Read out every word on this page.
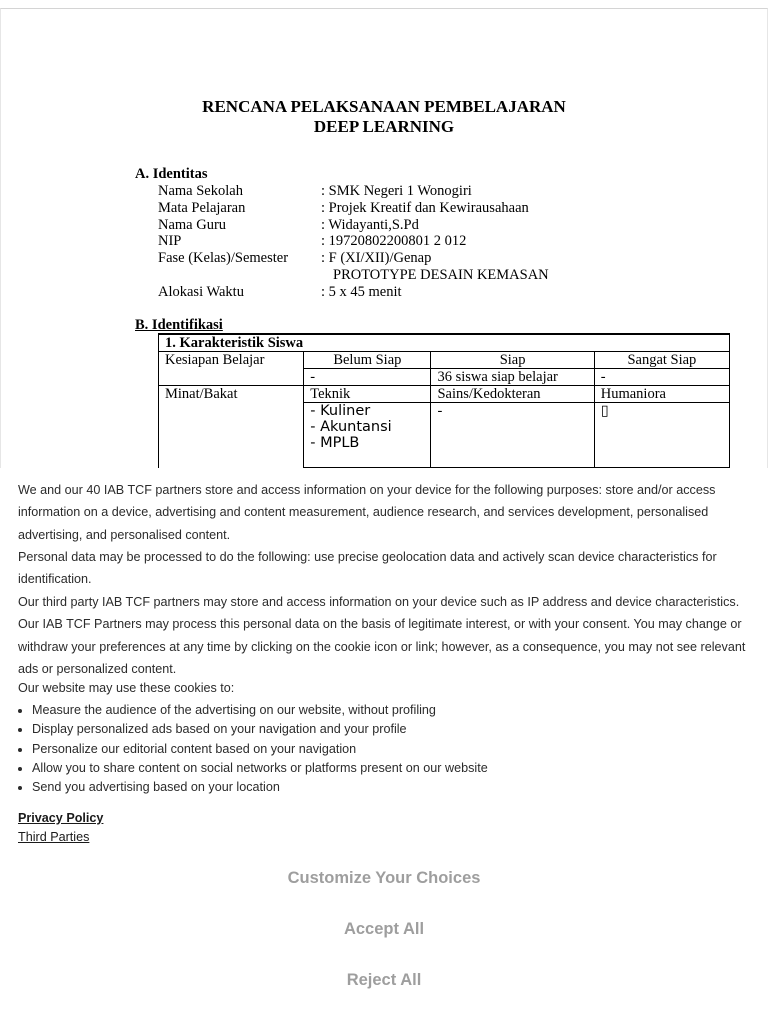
RENCANA PELAKSANAAN PEMBELAJARAN
DEEP LEARNING
A. Identitas
Nama Sekolah	: SMK Negeri 1 Wonogiri
Mata Pelajaran	: Projek Kreatif dan Kewirausahaan
Nama Guru	: Widayanti,S.Pd
NIP	: 19720802200801 2 012
Fase (Kelas)/Semester : F (XI/XII)/Genap
PROTOTYPE DESAIN KEMASAN
Alokasi Waktu	: 5 x 45 menit
B. Identifikasi
1. Karakteristik Siswa			
Kesiapan Belajar	Belum Siap	Siap	Sangat Siap
	-	36 siswa siap belajar	-
Minat/Bakat	Teknik	Sains/Kedokteran	Humaniora

	- Kuliner
- Akuntansi
- MPLB	-	▯

We and our 40 IAB TCF partners store and access information on your device for the following purposes: store and/or access information on a device, advertising and content measurement, audience research, and services development, personalised advertising, and personalised content.

Personal data may be processed to do the following: use precise geolocation data and actively scan device characteristics for identification.

Our third party IAB TCF partners may store and access information on your device such as IP address and device characteristics. Our IAB TCF Partners may process this personal data on the basis of legitimate interest, or with your consent. You may change or withdraw your preferences at any time by clicking on the cookie icon or link; however, as a consequence, you may not see relevant ads or personalized content.

Our website may use these cookies to:

• Measure the audience of the advertising on our website, without profiling
• Display personalized ads based on your navigation and your profile
• Personalize our editorial content based on your navigation
• Allow you to share content on social networks or platforms present on our website
• Send you advertising based on your location
Privacy Policy
Third Parties
Customize Your Choices
Accept All
Reject All
